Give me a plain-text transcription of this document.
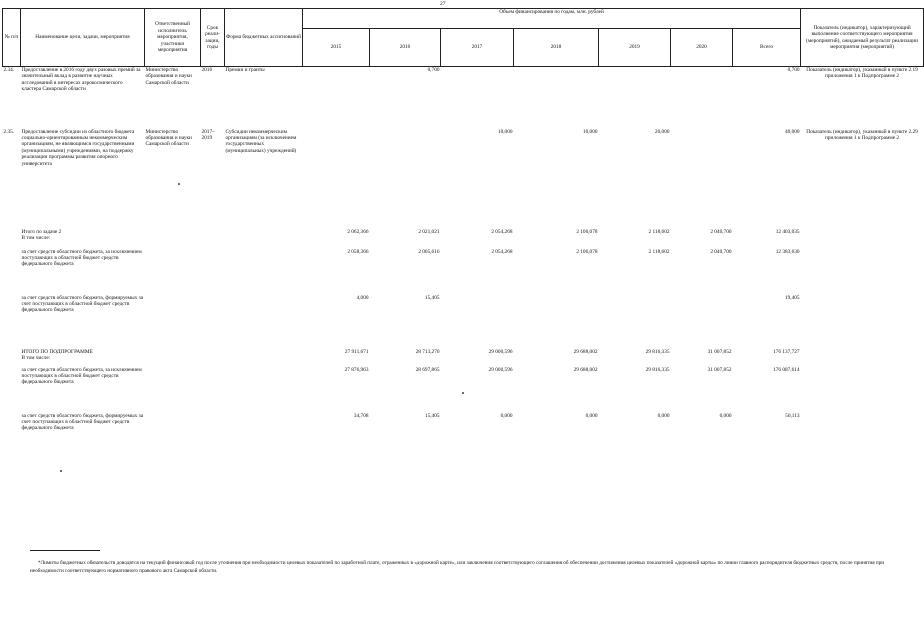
27
№ п/п	Наименование цели, задачи, мероприятия	Ответственный исполнитель мероприятия, участники мероприятия	Срок реали-зации, годы	Форма бюджетных ассигнований	Объем финансирования по годам, млн. рублей							Показатель (индикатор), характеризующий выполнение соответствующего мероприятия (мероприятий), ожидаемый результат реализации мероприятия (мероприятий)
					2015	2016	2017	2018	2019	2020	Всего	
2.34.	Предоставление в 2016 году двух разовых премий за значительный вклад в развитие научных исследований в интересах аэрокосмического кластера Самарской области	Министерство образования и науки Самарской области	2016	Премии и гранты		0,700					0,700	Показатель (индикатор), указанный в пункте 2.19 приложения 1 к Подпрограмме 2
2.35.	Предоставление субсидии из областного бюджета социально-ориентированным некоммерческим организациям, не являющимся государственными (муниципальными) учреждениями, на поддержку реализации программы развития опорного университета	Министерство образования и науки Самарской области	2017–2019	Субсидии некоммерческим организациям (за исключением государственных (муниципальных) учреждений)			10,000	10,000	20,000		40,000	Показатель (индикатор), указанный в пункте 2.29 приложения 1 к Подпрограмме 2
	Итого по задаче 2
В том числе:				2 062,366	2 021,021	2 054,268	2 106,078	2 118,602	2 040,700	12 403,035	
	за счет средств областного бюджета, за исключением поступающих в областной бюджет средств федерального бюджета				2 058,366	2 005,616	2 054,268	2 106,078	2 118,602	2 040,700	12 383,630	
	за счет средств областного бюджета, формируемых за счет поступающих в областной бюджет средств федерального бюджета				4,000	15,405					19,405	
	ИТОГО ПО ПОДПРОГРАММЕ
В том числе:				27 911,671	28 713,270	29 000,596	29 688,002	29 816,335	31 007,852	176 137,727	
	за счет средств областного бюджета, за исключением поступающих в областной бюджет средств федерального бюджета				27 876,963	28 697,865	29 000,596	29 688,002	29 816,335	31 007,852	176 087,614	
	за счет средств областного бюджета, формируемых за счет поступающих в областной бюджет средств федерального бюджета				34,708	15,405	0,000	0,000	0,000	0,000	50,113	
*Лимиты бюджетных обязательств доводятся на текущий финансовый год после уточнения при необходимости целевых показателей по заработной плате, отраженных в «дорожной карте», или заключения соответствующего соглашения об обеспечении достижения целевых показателей «дорожной карты» по линии главного распорядителя бюджетных средств, после принятия при необходимости соответствующего нормативного правового акта Самарской области.
